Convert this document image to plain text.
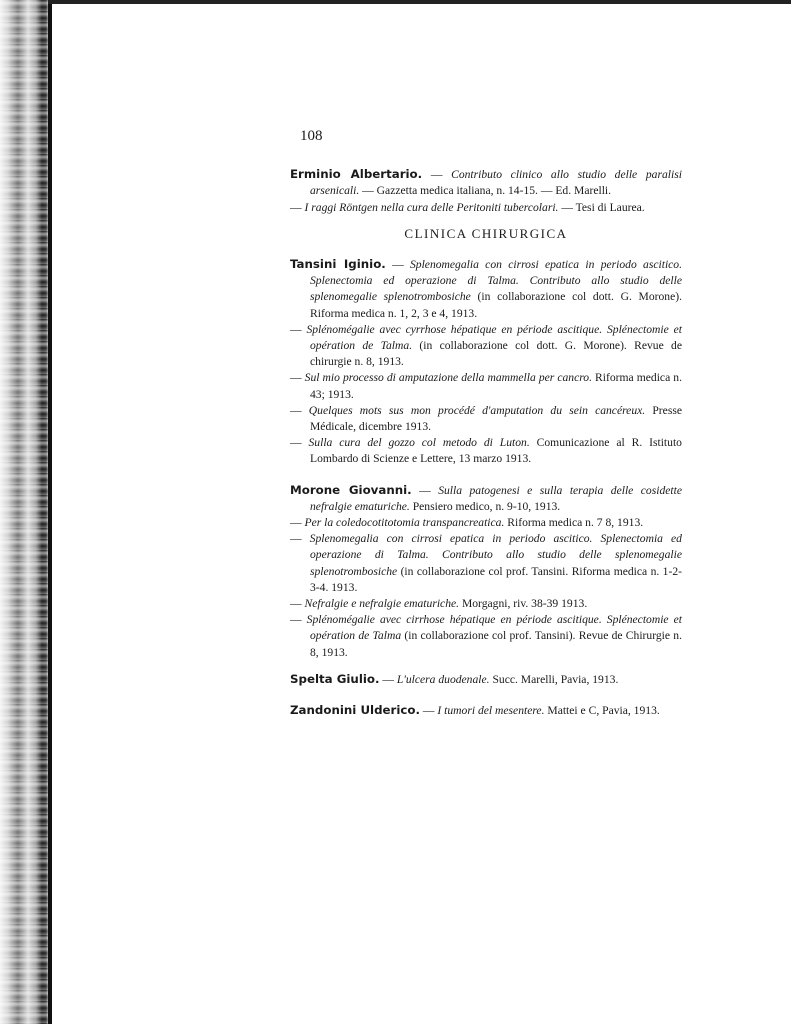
108

Erminio Albertario. — Contributo clinico allo studio delle paralisi arsenicali. — Gazzetta medica italiana, n. 14-15. — Ed. Marelli.

— I raggi Röntgen nella cura delle Peritoniti tubercolari. — Tesi di Laurea.

CLINICA CHIRURGICA

Tansini Iginio. — Splenomegalia con cirrosi epatica in periodo ascitico. Splenectomia ed operazione di Talma. Contributo allo studio delle splenomegalie splenotrombosiche (in collaborazione col dott. G. Morone). Riforma medica n. 1, 2, 3 e 4, 1913.

— Splénomégalie avec cyrrhose hépatique en période ascitique. Splénectomie et opération de Talma. (in collaborazione col dott. G. Morone). Revue de chirurgie n. 8, 1913.

— Sul mio processo di amputazione della mammella per cancro. Riforma medica n. 43; 1913.

— Quelques mots sus mon procédé d'amputation du sein cancéreux. Presse Médicale, dicembre 1913.

— Sulla cura del gozzo col metodo di Luton. Comunicazione al R. Istituto Lombardo di Scienze e Lettere, 13 marzo 1913.

Morone Giovanni. — Sulla patogenesi e sulla terapia delle cosidette nefralgie ematuriche. Pensiero medico, n. 9-10, 1913.

— Per la coledocotitotomia transpancreatica. Riforma medica n. 7 8, 1913.

— Splenomegalia con cirrosi epatica in periodo ascitico. Splenectomia ed operazione di Talma. Contributo allo studio delle splenomegalie splenotrombosiche (in collaborazione col prof. Tansini. Riforma medica n. 1-2-3-4. 1913.

— Nefralgie e nefralgie ematuriche. Morgagni, riv. 38-39 1913.

— Splénomégalie avec cirrhose hépatique en période ascitique. Splénectomie et opération de Talma (in collaborazione col prof. Tansini). Revue de Chirurgie n. 8, 1913.

Spelta Giulio. — L'ulcera duodenale. Succ. Marelli, Pavia, 1913.

Zandonini Ulderico. — I tumori del mesentere. Mattei e C, Pavia, 1913.
